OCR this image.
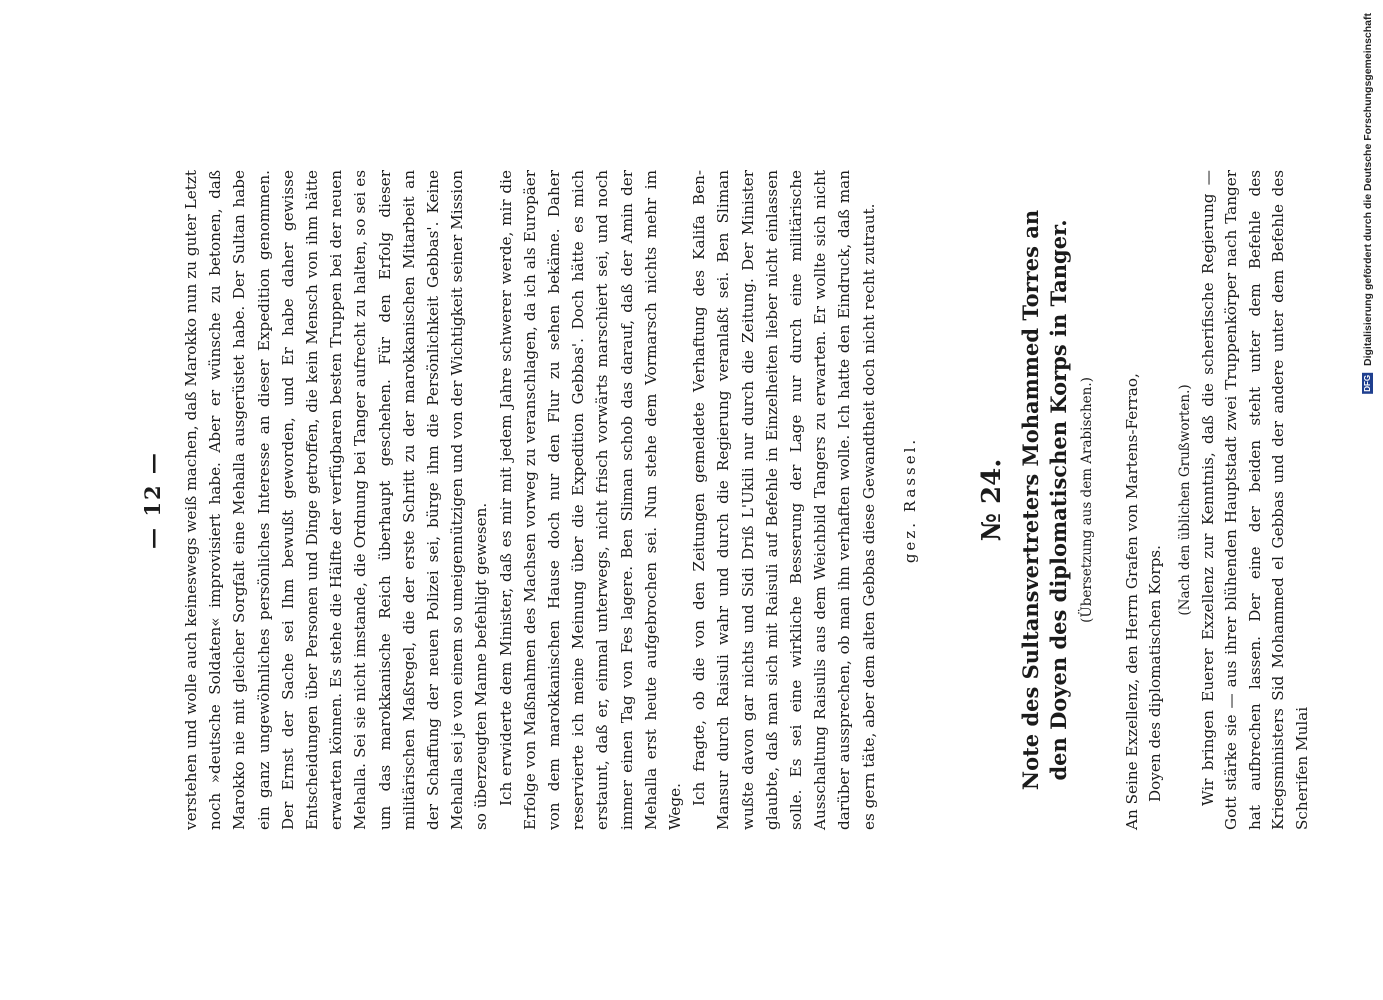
— 12 — verstehen und wolle auch keineswegs weiß machen, daß Marokko nun zu guter Letzt noch »deutsche Soldaten« improvisiert habe. Aber er wünsche zu betonen, daß Marokko nie mit gleicher Sorgfalt eine Mehalla ausgerüstet habe. Der Sultan habe ein ganz ungewöhnliches persönliches Interesse an dieser Expedition genommen. Der Ernst der Sache sei Ihm bewußt geworden, und Er habe daher gewisse Entscheidungen über Personen und Dinge getroffen, die kein Mensch von ihm hätte erwarten können. Es stehe die Hälfte der verfügbaren besten Truppen bei der neuen Mehalla. Sei sie nicht imstande, die Ordnung bei Tanger aufrecht zu halten, so sei es um das marokkanische Reich überhaupt geschehen. Für den Erfolg dieser militärischen Maßregel, die der erste Schritt zu der marokkanischen Mitarbeit an der Schaffung der neuen Polizei sei, bürge ihm die Persönlichkeit Gebbas'. Keine Mehalla sei je von einem so umeigennützigen und von der Wichtigkeit seiner Mission so überzeugten Manne befehligt gewesen. Ich erwiderte dem Minister, daß es mir mit jedem Jahre schwerer werde, mir die Erfolge von Maßnahmen des Machsen vorweg zu veranschlagen, da ich als Europäer von dem marokkanischen Hause doch nur den Flur zu sehen bekäme. Daher reservierte ich meine Meinung über die Expedition Gebbas'. Doch hätte es mich erstaunt, daß er, einmal unterwegs, nicht frisch vorwärts marschiert sei, und noch immer einen Tag von Fes lagere. Ben Sliman schob das darauf, daß der Amin der Mehalla erst heute aufgebrochen sei. Nun stehe dem Vormarsch nichts mehr im Wege.

Ich fragte, ob die von den Zeitungen gemeldete Verhaftung des Kalifa Ben-Mansur durch Raisuli wahr und durch die Regierung veranlaßt sei. Ben Sliman wußte davon gar nichts und Sidi Driß L'Ukili nur durch die Zeitung. Der Minister glaubte, daß man sich mit Raisuli auf Befehle in Einzelheiten lieber nicht einlassen solle. Es sei eine wirkliche Besserung der Lage nur durch eine militärische Ausschaltung Raisulis aus dem Weichbild Tangers zu erwarten. Er wollte sich nicht darüber aussprechen, ob man ihn verhaften wolle. Ich hatte den Eindruck, daß man es gern täte, aber dem alten Gebbas diese Gewandtheit doch nicht recht zutraut. gez. Rassel. № 24. Note des Sultansvertreters Mohammed Torres an den Doyen des diplomatischen Korps in Tanger. (Übersetzung aus dem Arabischen.) An Seine Exzellenz, den Herrn Grafen von Martens-Ferrao, Doyen des diplomatischen Korps.
(Nach den üblichen Grußworten.) Wir bringen Euerer Exzellenz zur Kenntnis, daß die scherifische Regierung — Gott stärke sie — aus ihrer blühenden Hauptstadt zwei Truppenkörper nach Tanger hat aufbrechen lassen. Der eine der beiden steht unter dem Befehle des Kriegsministers Sid Mohammed el Gebbas und der andere unter dem Befehle des Scherifen Mulai
DFG Digitalisierung gefördert durch die Deutsche Forschungsgemeinschaft
